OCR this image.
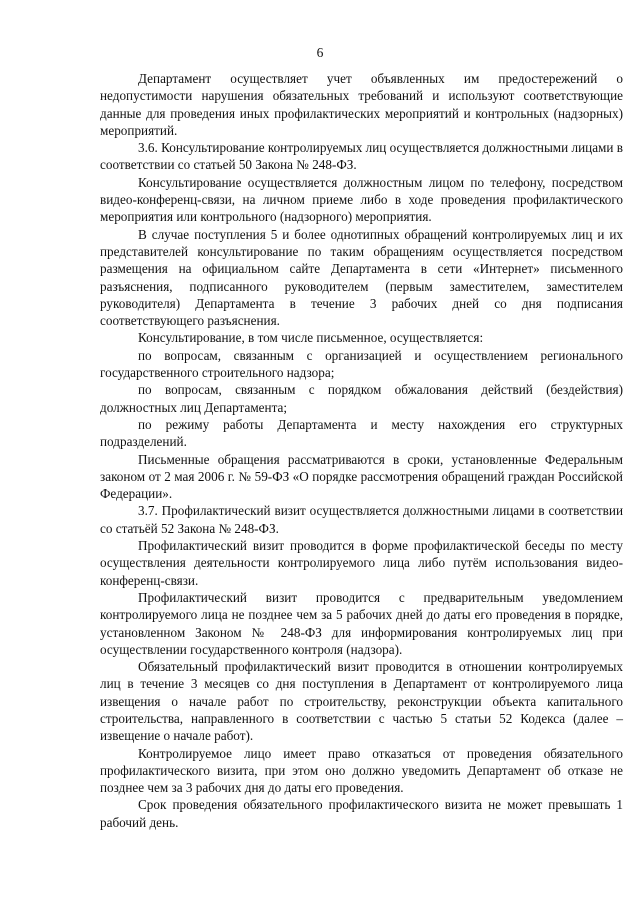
6

Департамент осуществляет учет объявленных им предостережений о недопустимости нарушения обязательных требований и используют соответствующие данные для проведения иных профилактических мероприятий и контрольных (надзорных) мероприятий.

3.6. Консультирование контролируемых лиц осуществляется должностными лицами в соответствии со статьей 50 Закона № 248-ФЗ.

Консультирование осуществляется должностным лицом по телефону, посредством видео-конференц-связи, на личном приеме либо в ходе проведения профилактического мероприятия или контрольного (надзорного) мероприятия.

В случае поступления 5 и более однотипных обращений контролируемых лиц и их представителей консультирование по таким обращениям осуществляется посредством размещения на официальном сайте Департамента в сети «Интернет» письменного разъяснения, подписанного руководителем (первым заместителем, заместителем руководителя) Департамента в течение 3 рабочих дней со дня подписания соответствующего разъяснения.

Консультирование, в том числе письменное, осуществляется:

по вопросам, связанным с организацией и осуществлением регионального государственного строительного надзора;

по вопросам, связанным с порядком обжалования действий (бездействия) должностных лиц Департамента;

по режиму работы Департамента и месту нахождения его структурных подразделений.

Письменные обращения рассматриваются в сроки, установленные Федеральным законом от 2 мая 2006 г. № 59-ФЗ «О порядке рассмотрения обращений граждан Российской Федерации».

3.7. Профилактический визит осуществляется должностными лицами в соответствии со статьёй 52 Закона № 248-ФЗ.

Профилактический визит проводится в форме профилактической беседы по месту осуществления деятельности контролируемого лица либо путём использования видео-конференц-связи.

Профилактический визит проводится с предварительным уведомлением контролируемого лица не позднее чем за 5 рабочих дней до даты его проведения в порядке, установленном Законом № 248-ФЗ для информирования контролируемых лиц при осуществлении государственного контроля (надзора).

Обязательный профилактический визит проводится в отношении контролируемых лиц в течение 3 месяцев со дня поступления в Департамент от контролируемого лица извещения о начале работ по строительству, реконструкции объекта капитального строительства, направленного в соответствии с частью 5 статьи 52 Кодекса (далее – извещение о начале работ).

Контролируемое лицо имеет право отказаться от проведения обязательного профилактического визита, при этом оно должно уведомить Департамент об отказе не позднее чем за 3 рабочих дня до даты его проведения.

Срок проведения обязательного профилактического визита не может превышать 1 рабочий день.
